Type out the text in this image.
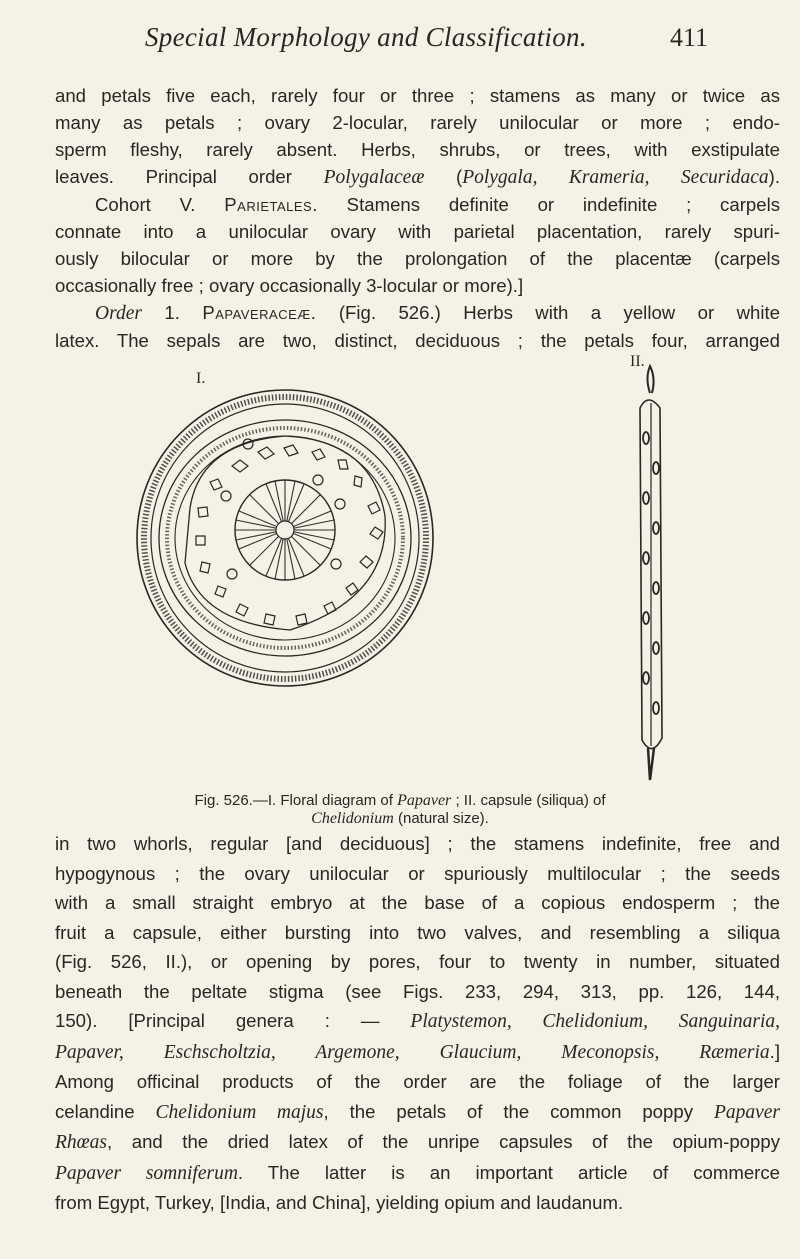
Special Morphology and Classification.	411
and petals five each, rarely four or three ; stamens as many or twice as
many as petals ; ovary 2-locular, rarely unilocular or more ; endo-
sperm fleshy, rarely absent. Herbs, shrubs, or trees, with exstipulate
leaves. Principal order Polygalaceæ (Polygala, Krameria, Securidaca).
Cohort V. Parietales. Stamens definite or indefinite ; carpels
connate into a unilocular ovary with parietal placentation, rarely spuri-
ously bilocular or more by the prolongation of the placentæ (carpels
occasionally free ; ovary occasionally 3-locular or more).]
Order 1. Papaveraceæ. (Fig. 526.) Herbs with a yellow or white
latex. The sepals are two, distinct, deciduous ; the petals four, arranged
I.
II.
Fig. 526.—I. Floral diagram of Papaver ; II. capsule (siliqua) of
Chelidonium (natural size).
in two whorls, regular [and deciduous] ; the stamens indefinite, free and
hypogynous ; the ovary unilocular or spuriously multilocular ; the seeds
with a small straight embryo at the base of a copious endosperm ; the
fruit a capsule, either bursting into two valves, and resembling a siliqua
(Fig. 526, II.), or opening by pores, four to twenty in number, situated
beneath the peltate stigma (see Figs. 233, 294, 313, pp. 126, 144,
150). [Principal genera : — Platystemon, Chelidonium, Sanguinaria,
Papaver, Eschscholtzia, Argemone, Glaucium, Meconopsis, Ræmeria.]
Among officinal products of the order are the foliage of the larger
celandine Chelidonium majus, the petals of the common poppy Papaver
Rhœas, and the dried latex of the unripe capsules of the opium-poppy
Papaver somniferum. The latter is an important article of commerce
from Egypt, Turkey, [India, and China], yielding opium and laudanum.
